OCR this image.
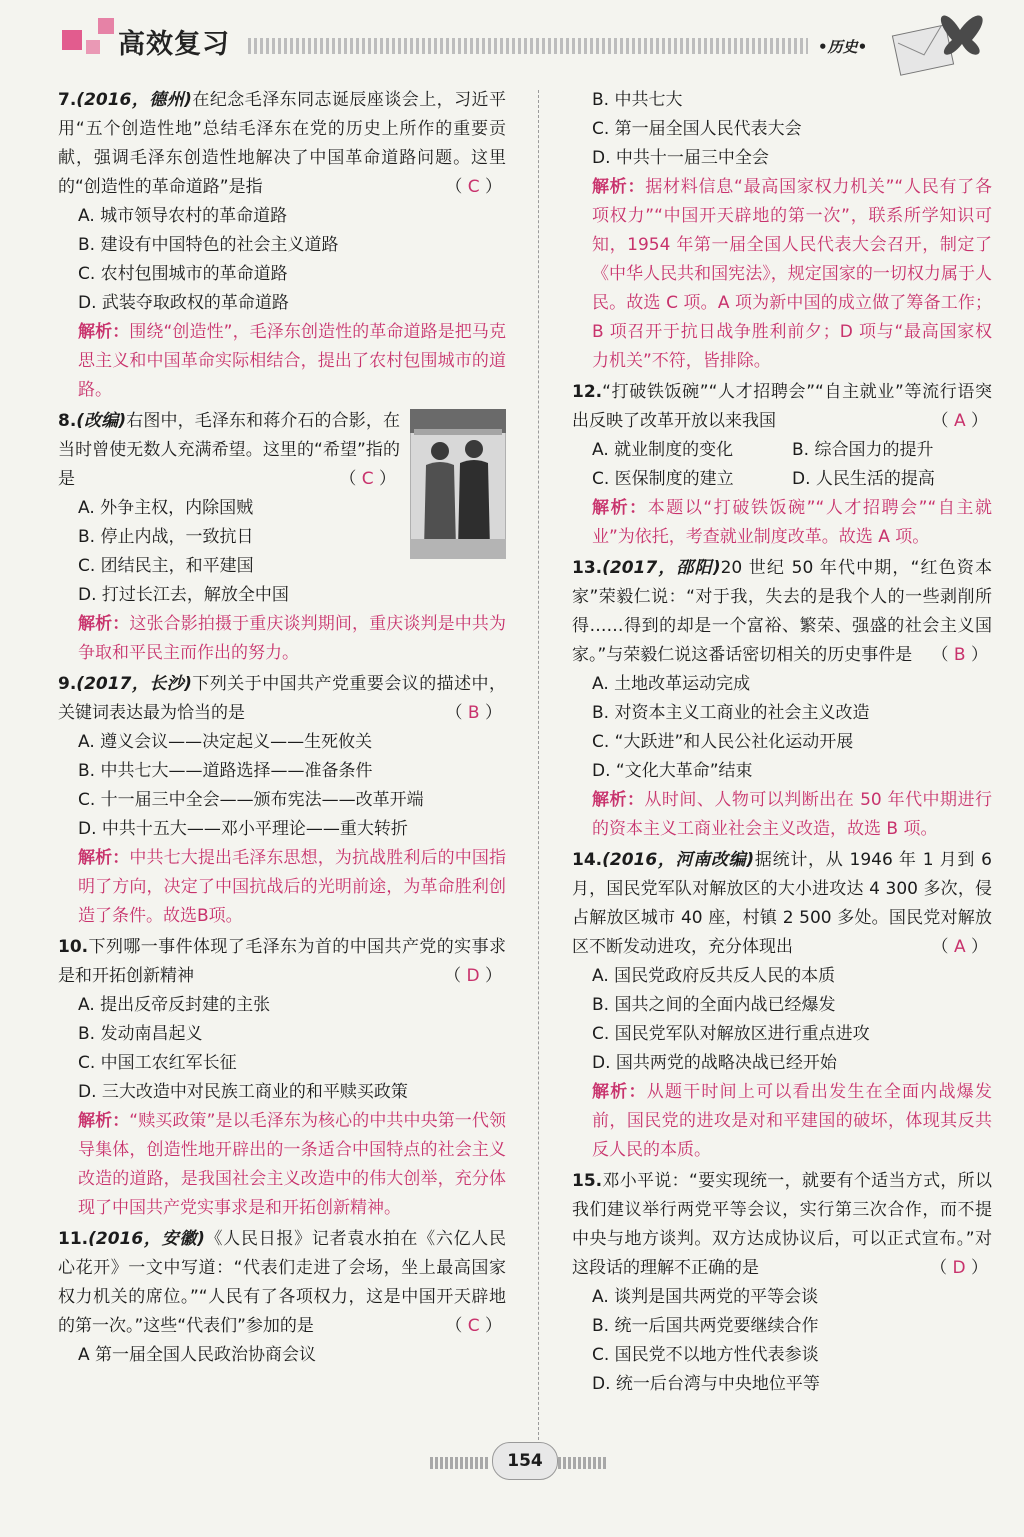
高效复习	•历史•
7.(2016，德州)在纪念毛泽东同志诞辰座谈会上，习近平用“五个创造性地”总结毛泽东在党的历史上所作的重要贡献，强调毛泽东创造性地解决了中国革命道路问题。这里的“创造性的革命道路”是指	（ C ）
A. 城市领导农村的革命道路
B. 建设有中国特色的社会主义道路
C. 农村包围城市的革命道路
D. 武装夺取政权的革命道路
解析：围绕“创造性”，毛泽东创造性的革命道路是把马克思主义和中国革命实际相结合，提出了农村包围城市的道路。
8.(改编)右图中，毛泽东和蒋介石的合影，在当时曾使无数人充满希望。这里的“希望”指的是	（ C ）
A. 外争主权，内除国贼
B. 停止内战，一致抗日
C. 团结民主，和平建国
D. 打过长江去，解放全中国
解析：这张合影拍摄于重庆谈判期间，重庆谈判是中共为争取和平民主而作出的努力。
9.(2017，长沙)下列关于中国共产党重要会议的描述中，关键词表达最为恰当的是	（ B ）
A. 遵义会议——决定起义——生死攸关
B. 中共七大——道路选择——准备条件
C. 十一届三中全会——颁布宪法——改革开端
D. 中共十五大——邓小平理论——重大转折
解析：中共七大提出毛泽东思想，为抗战胜利后的中国指明了方向，决定了中国抗战后的光明前途，为革命胜利创造了条件。故选B项。
10.下列哪一事件体现了毛泽东为首的中国共产党的实事求是和开拓创新精神	（ D ）
A. 提出反帝反封建的主张
B. 发动南昌起义
C. 中国工农红军长征
D. 三大改造中对民族工商业的和平赎买政策
解析：“赎买政策”是以毛泽东为核心的中共中央第一代领导集体，创造性地开辟出的一条适合中国特点的社会主义改造的道路，是我国社会主义改造中的伟大创举，充分体现了中国共产党实事求是和开拓创新精神。
11.(2016，安徽)《人民日报》记者袁水拍在《六亿人民心花开》一文中写道：“代表们走进了会场，坐上最高国家权力机关的席位。”“人民有了各项权力，这是中国开天辟地的第一次。”这些“代表们”参加的是	（ C ）
A 第一届全国人民政治协商会议
B. 中共七大
C. 第一届全国人民代表大会
D. 中共十一届三中全会
解析：据材料信息“最高国家权力机关”“人民有了各项权力”“中国开天辟地的第一次”，联系所学知识可知，1954 年第一届全国人民代表大会召开，制定了《中华人民共和国宪法》，规定国家的一切权力属于人民。故选 C 项。A 项为新中国的成立做了筹备工作；B 项召开于抗日战争胜利前夕；D 项与“最高国家权力机关”不符，皆排除。
12.“打破铁饭碗”“人才招聘会”“自主就业”等流行语突出反映了改革开放以来我国	（ A ）
A. 就业制度的变化	B. 综合国力的提升
C. 医保制度的建立	D. 人民生活的提高
解析：本题以“打破铁饭碗”“人才招聘会”“自主就业”为依托，考查就业制度改革。故选 A 项。
13.(2017，邵阳)20 世纪 50 年代中期，“红色资本家”荣毅仁说：“对于我，失去的是我个人的一些剥削所得……得到的却是一个富裕、繁荣、强盛的社会主义国家。”与荣毅仁说这番话密切相关的历史事件是 （ B ）
A. 土地改革运动完成
B. 对资本主义工商业的社会主义改造
C. “大跃进”和人民公社化运动开展
D. “文化大革命”结束
解析：从时间、人物可以判断出在 50 年代中期进行的资本主义工商业社会主义改造，故选 B 项。
14.(2016，河南改编)据统计，从 1946 年 1 月到 6 月，国民党军队对解放区的大小进攻达 4 300 多次，侵占解放区城市 40 座，村镇 2 500 多处。国民党对解放区不断发动进攻，充分体现出	（ A ）
A. 国民党政府反共反人民的本质
B. 国共之间的全面内战已经爆发
C. 国民党军队对解放区进行重点进攻
D. 国共两党的战略决战已经开始
解析：从题干时间上可以看出发生在全面内战爆发前，国民党的进攻是对和平建国的破坏，体现其反共反人民的本质。
15.邓小平说：“要实现统一，就要有个适当方式，所以我们建议举行两党平等会议，实行第三次合作，而不提中央与地方谈判。双方达成协议后，可以正式宣布。”对这段话的理解不正确的是	（ D ）
A. 谈判是国共两党的平等会谈
B. 统一后国共两党要继续合作
C. 国民党不以地方性代表参谈
D. 统一后台湾与中央地位平等
154
